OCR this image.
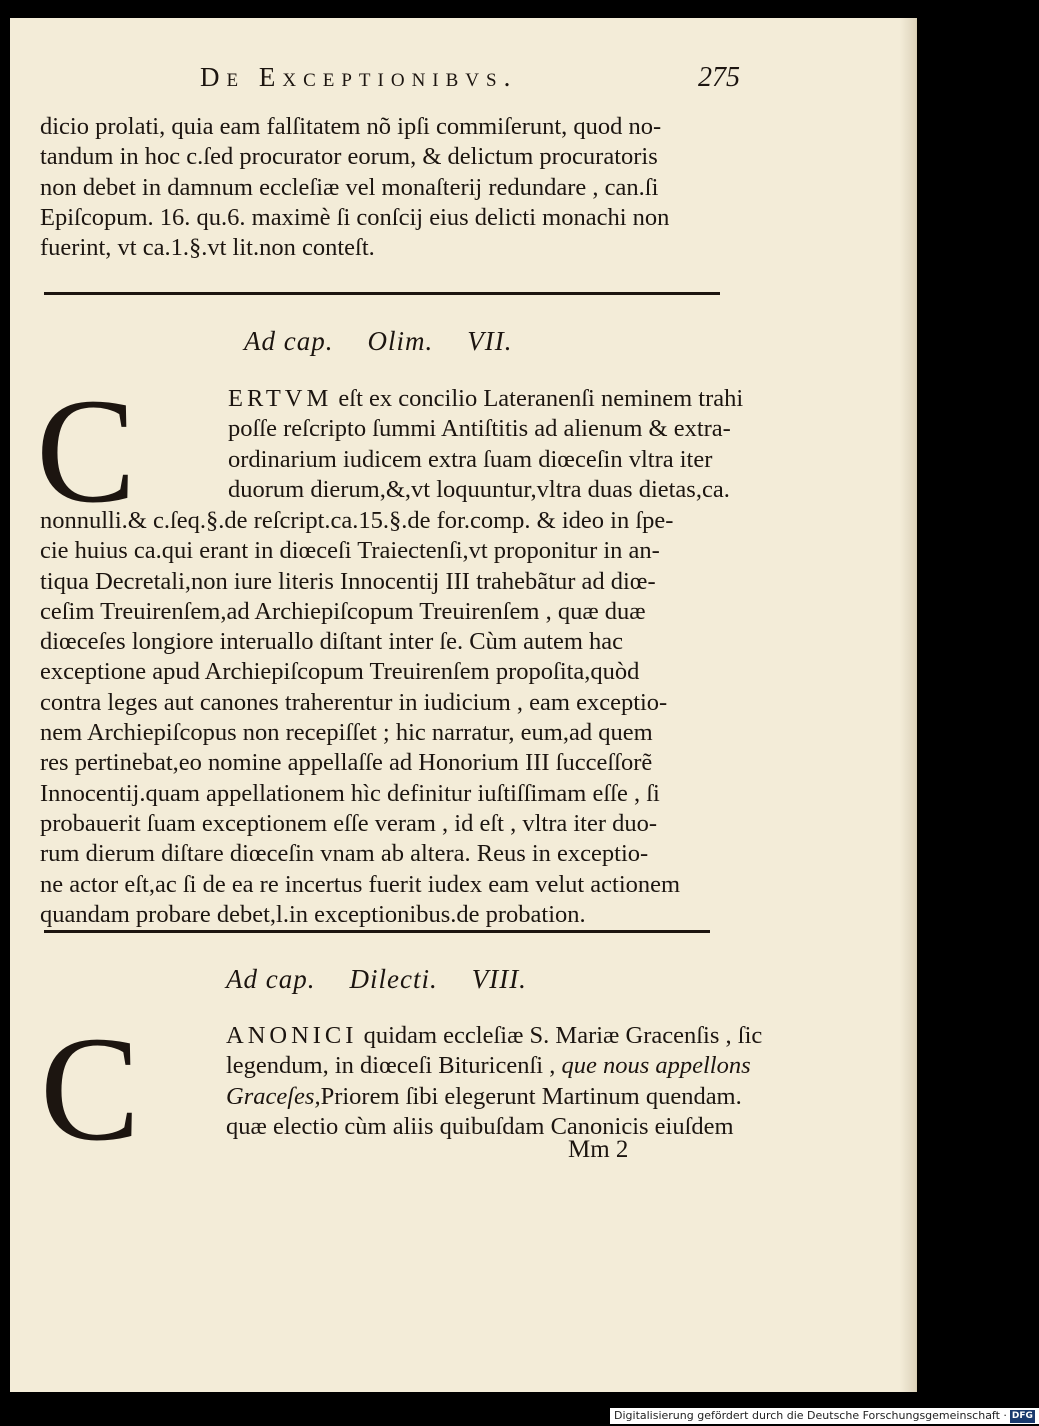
De Exceptionibvs.	275
dicio prolati, quia eam falſitatem nõ ipſi commiſerunt, quod no-
tandum in hoc c.ſed procurator eorum, & delictum procuratoris
non debet in damnum eccleſiæ vel monaſterij redundare , can.ſi
Epiſcopum. 16. qu.6. maximè ſi conſcij eius delicti monachi non
fuerint, vt ca.1.§.vt lit.non conteſt.
Ad cap. Olim. VII.
C	ERTVM eſt ex concilio Lateranenſi neminem trahi
poſſe reſcripto ſummi Antiſtitis ad alienum & extra-
ordinarium iudicem extra ſuam diœceſin vltra iter
duorum dierum,&,vt loquuntur,vltra duas dietas,ca.
nonnulli.& c.ſeq.§.de reſcript.ca.15.§.de for.comp. & ideo in ſpe-
cie huius ca.qui erant in diœceſi Traiectenſi,vt proponitur in an-
tiqua Decretali,non iure literis Innocentij III trahebãtur ad diœ-
ceſim Treuirenſem,ad Archiepiſcopum Treuirenſem , quæ duæ
diœceſes longiore interuallo diſtant inter ſe. Cùm autem hac
exceptione apud Archiepiſcopum Treuirenſem propoſita,quòd
contra leges aut canones traherentur in iudicium , eam exceptio-
nem Archiepiſcopus non recepiſſet ; hic narratur, eum,ad quem
res pertinebat,eo nomine appellaſſe ad Honorium III ſucceſſorẽ
Innocentij.quam appellationem hìc definitur iuſtiſſimam eſſe , ſi
probauerit ſuam exceptionem eſſe veram , id eſt , vltra iter duo-
rum dierum diſtare diœceſin vnam ab altera. Reus in exceptio-
ne actor eſt,ac ſi de ea re incertus fuerit iudex eam velut actionem
quandam probare debet,l.in exceptionibus.de probation.
Ad cap. Dilecti. VIII.
C	ANONICI quidam eccleſiæ S. Mariæ Gracenſis , ſic
legendum, in diœceſi Bituricenſi , que nous appellons
Graceſes,Priorem ſibi elegerunt Martinum quendam.
quæ electio cùm aliis quibuſdam Canonicis eiuſdem
Mm 2
Digitalisierung gefördert durch die Deutsche Forschungsgemeinschaft · DFG
